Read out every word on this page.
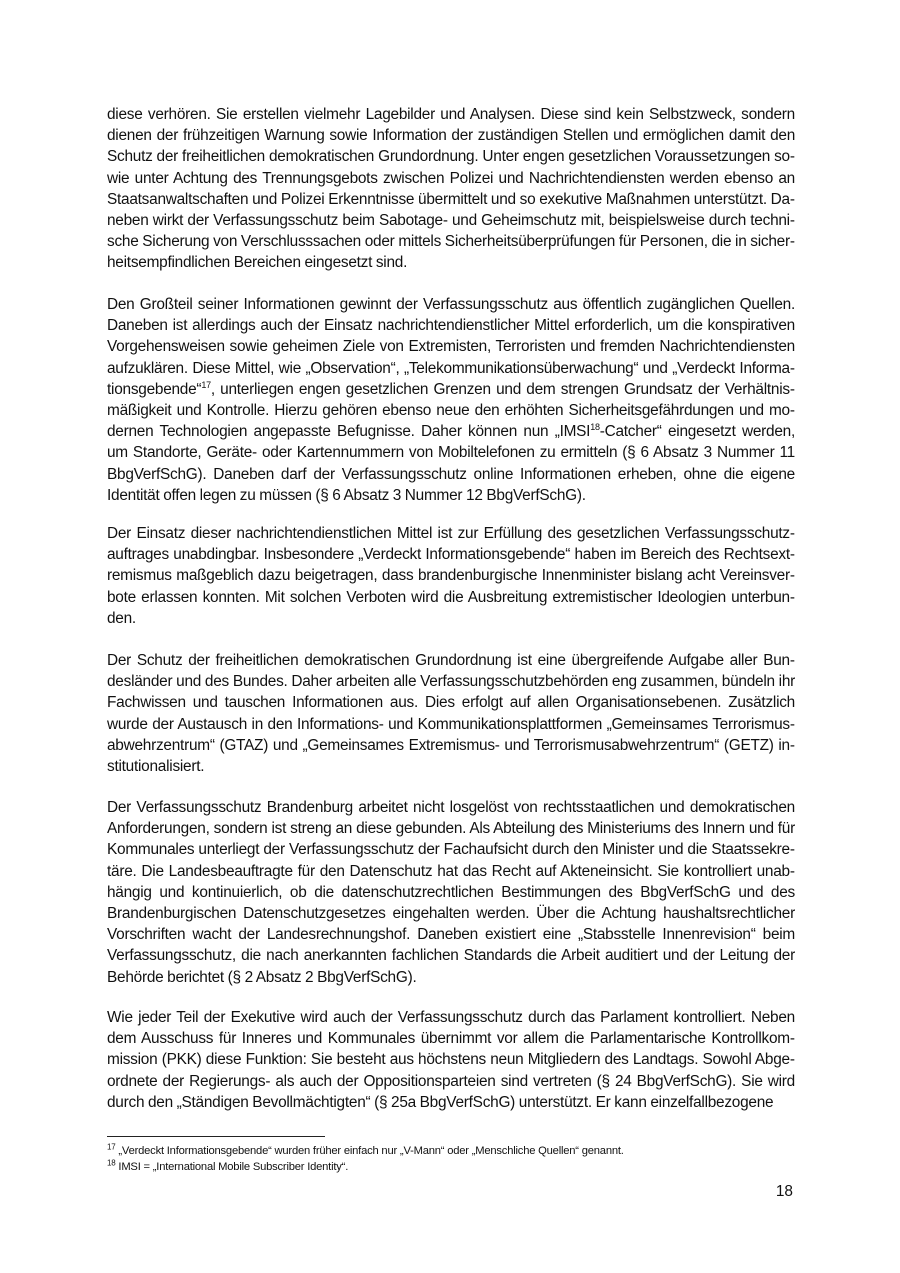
diese verhören. Sie erstellen vielmehr Lagebilder und Analysen. Diese sind kein Selbstzweck, sondern dienen der frühzeitigen Warnung sowie Information der zuständigen Stellen und ermöglichen damit den Schutz der freiheitlichen demokratischen Grundordnung. Unter engen gesetzlichen Voraussetzungen sowie unter Achtung des Trennungsgebots zwischen Polizei und Nachrichtendiensten werden ebenso an Staatsanwaltschaften und Polizei Erkenntnisse übermittelt und so exekutive Maßnahmen unterstützt. Daneben wirkt der Verfassungsschutz beim Sabotage- und Geheimschutz mit, beispielsweise durch technische Sicherung von Verschlusssachen oder mittels Sicherheitsüberprüfungen für Personen, die in sicherheitsempfindlichen Bereichen eingesetzt sind.

Den Großteil seiner Informationen gewinnt der Verfassungsschutz aus öffentlich zugänglichen Quellen. Daneben ist allerdings auch der Einsatz nachrichtendienstlicher Mittel erforderlich, um die konspirativen Vorgehensweisen sowie geheimen Ziele von Extremisten, Terroristen und fremden Nachrichtendiensten aufzuklären. Diese Mittel, wie „Observation“, „Telekommunikationsüberwachung“ und „Verdeckt Informationsgebende“$^{17}$, unterliegen engen gesetzlichen Grenzen und dem strengen Grundsatz der Verhältnismäßigkeit und Kontrolle. Hierzu gehören ebenso neue den erhöhten Sicherheitsgefährdungen und modernen Technologien angepasste Befugnisse. Daher können nun „IMSI$^{18}$-Catcher“ eingesetzt werden, um Standorte, Geräte- oder Kartennummern von Mobiltelefonen zu ermitteln (§ 6 Absatz 3 Nummer 11 BbgVerfSchG). Daneben darf der Verfassungsschutz online Informationen erheben, ohne die eigene Identität offen legen zu müssen (§ 6 Absatz 3 Nummer 12 BbgVerfSchG).

Der Einsatz dieser nachrichtendienstlichen Mittel ist zur Erfüllung des gesetzlichen Verfassungsschutzauftrages unabdingbar. Insbesondere „Verdeckt Informationsgebende“ haben im Bereich des Rechtsextremismus maßgeblich dazu beigetragen, dass brandenburgische Innenminister bislang acht Vereinsverbote erlassen konnten. Mit solchen Verboten wird die Ausbreitung extremistischer Ideologien unterbunden.

Der Schutz der freiheitlichen demokratischen Grundordnung ist eine übergreifende Aufgabe aller Bundesländer und des Bundes. Daher arbeiten alle Verfassungsschutzbehörden eng zusammen, bündeln ihr Fachwissen und tauschen Informationen aus. Dies erfolgt auf allen Organisationsebenen. Zusätzlich wurde der Austausch in den Informations- und Kommunikationsplattformen „Gemeinsames Terrorismusabwehrzentrum“ (GTAZ) und „Gemeinsames Extremismus- und Terrorismusabwehrzentrum“ (GETZ) institutionalisiert.

Der Verfassungsschutz Brandenburg arbeitet nicht losgelöst von rechtsstaatlichen und demokratischen Anforderungen, sondern ist streng an diese gebunden. Als Abteilung des Ministeriums des Innern und für Kommunales unterliegt der Verfassungsschutz der Fachaufsicht durch den Minister und die Staatssekretäre. Die Landesbeauftragte für den Datenschutz hat das Recht auf Akteneinsicht. Sie kontrolliert unabhängig und kontinuierlich, ob die datenschutzrechtlichen Bestimmungen des BbgVerfSchG und des Brandenburgischen Datenschutzgesetzes eingehalten werden. Über die Achtung haushaltsrechtlicher Vorschriften wacht der Landesrechnungshof. Daneben existiert eine „Stabsstelle Innenrevision“ beim Verfassungsschutz, die nach anerkannten fachlichen Standards die Arbeit auditiert und der Leitung der Behörde berichtet (§ 2 Absatz 2 BbgVerfSchG).

Wie jeder Teil der Exekutive wird auch der Verfassungsschutz durch das Parlament kontrolliert. Neben dem Ausschuss für Inneres und Kommunales übernimmt vor allem die Parlamentarische Kontrollkommission (PKK) diese Funktion: Sie besteht aus höchstens neun Mitgliedern des Landtags. Sowohl Abgeordnete der Regierungs- als auch der Oppositionsparteien sind vertreten (§ 24 BbgVerfSchG). Sie wird durch den „Ständigen Bevollmächtigten“ (§ 25a BbgVerfSchG) unterstützt. Er kann einzelfallbezogene

$^{17}$ „Verdeckt Informationsgebende“ wurden früher einfach nur „V-Mann“ oder „Menschliche Quellen“ genannt.

$^{18}$ IMSI = „International Mobile Subscriber Identity“.

18
